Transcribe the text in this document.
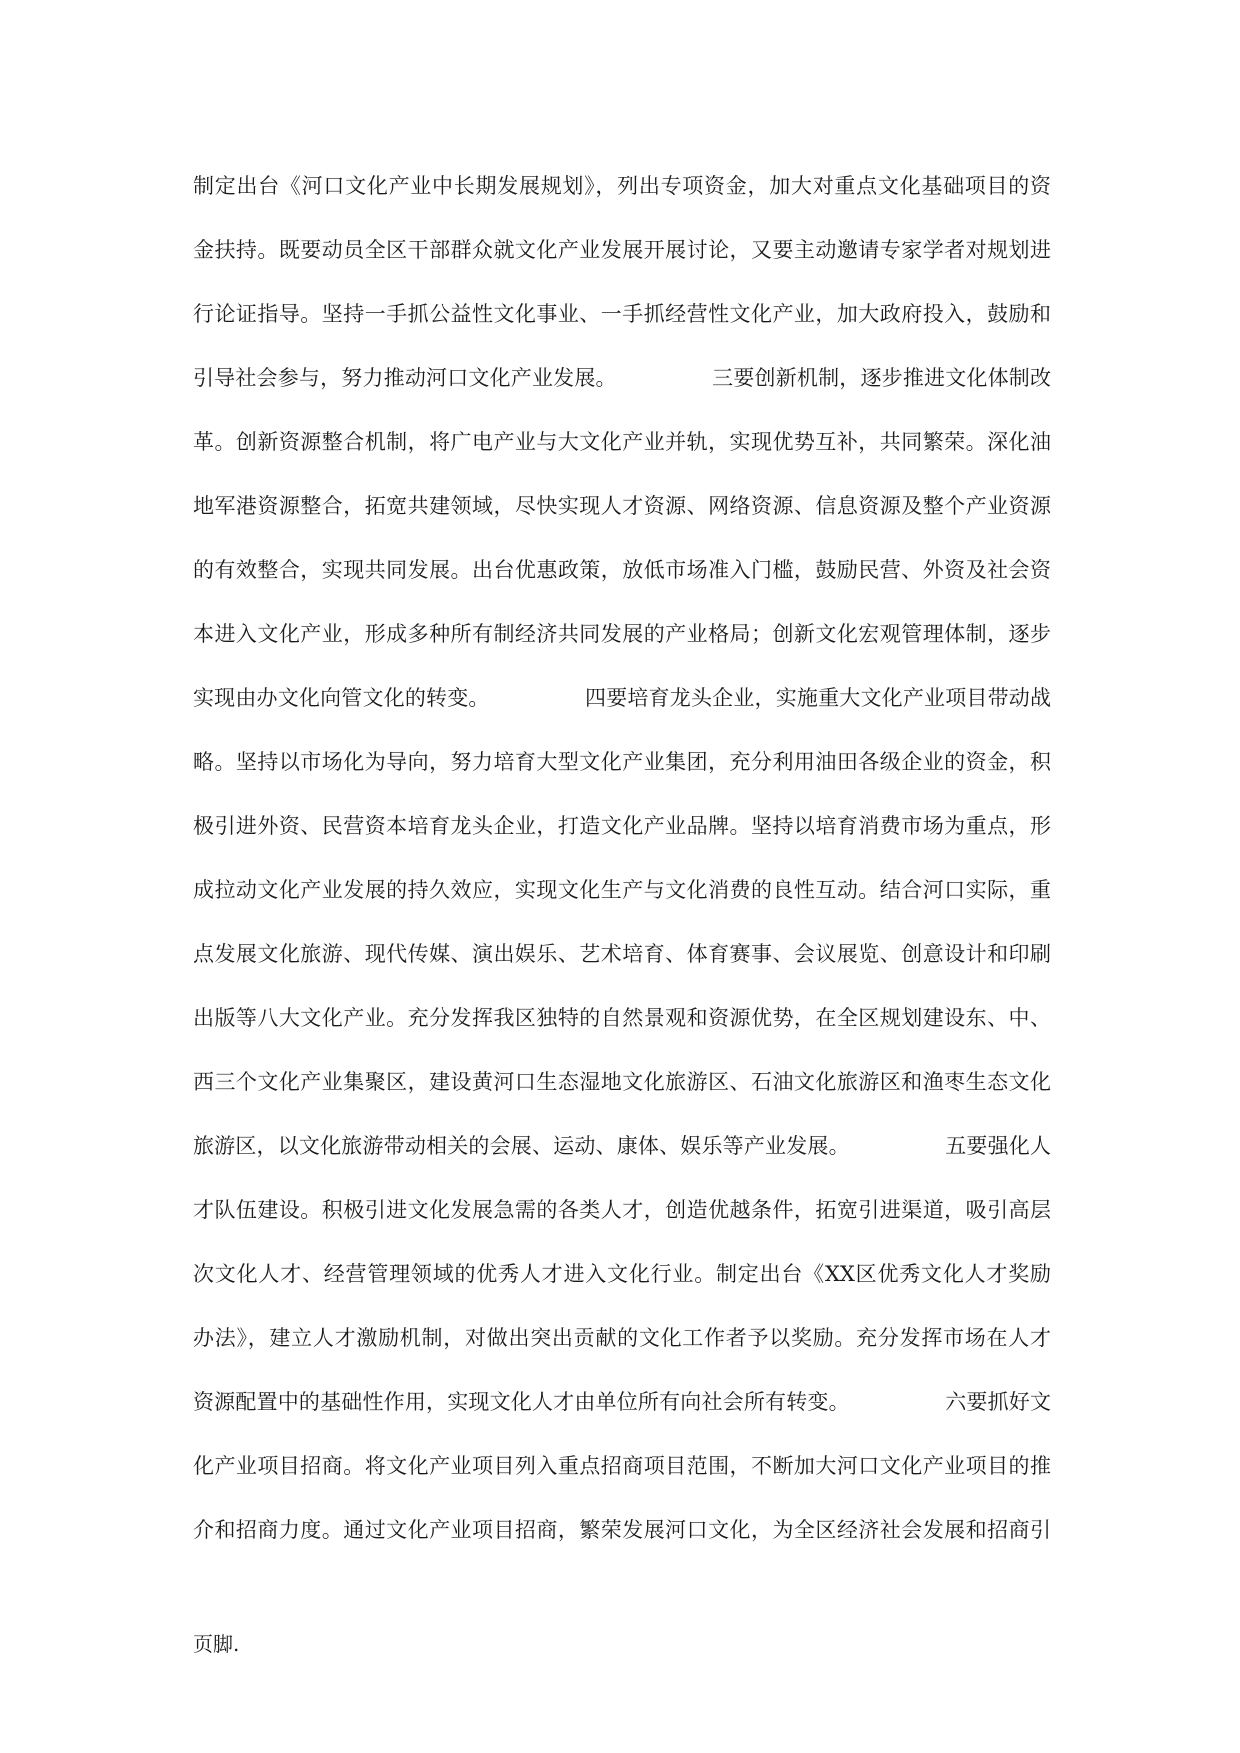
制定出台《河口文化产业中长期发展规划》，列出专项资金，加大对重点文化基础项目的资
金扶持。既要动员全区干部群众就文化产业发展开展讨论，又要主动邀请专家学者对规划进
行论证指导。坚持一手抓公益性文化事业、一手抓经营性文化产业，加大政府投入，鼓励和
引导社会参与，努力推动河口文化产业发展。　　　　　三要创新机制，逐步推进文化体制改
革。创新资源整合机制，将广电产业与大文化产业并轨，实现优势互补，共同繁荣。深化油
地军港资源整合，拓宽共建领域，尽快实现人才资源、网络资源、信息资源及整个产业资源
的有效整合，实现共同发展。出台优惠政策，放低市场准入门槛，鼓励民营、外资及社会资
本进入文化产业，形成多种所有制经济共同发展的产业格局；创新文化宏观管理体制，逐步
实现由办文化向管文化的转变。　　　　　四要培育龙头企业，实施重大文化产业项目带动战
略。坚持以市场化为导向，努力培育大型文化产业集团，充分利用油田各级企业的资金，积
极引进外资、民营资本培育龙头企业，打造文化产业品牌。坚持以培育消费市场为重点，形
成拉动文化产业发展的持久效应，实现文化生产与文化消费的良性互动。结合河口实际，重
点发展文化旅游、现代传媒、演出娱乐、艺术培育、体育赛事、会议展览、创意设计和印刷
出版等八大文化产业。充分发挥我区独特的自然景观和资源优势，在全区规划建设东、中、
西三个文化产业集聚区，建设黄河口生态湿地文化旅游区、石油文化旅游区和渔枣生态文化
旅游区，以文化旅游带动相关的会展、运动、康体、娱乐等产业发展。　　　　　五要强化人
才队伍建设。积极引进文化发展急需的各类人才，创造优越条件，拓宽引进渠道，吸引高层
次文化人才、经营管理领域的优秀人才进入文化行业。制定出台《XX区优秀文化人才奖励
办法》，建立人才激励机制，对做出突出贡献的文化工作者予以奖励。充分发挥市场在人才
资源配置中的基础性作用，实现文化人才由单位所有向社会所有转变。　　　　　六要抓好文
化产业项目招商。将文化产业项目列入重点招商项目范围，不断加大河口文化产业项目的推
介和招商力度。通过文化产业项目招商，繁荣发展河口文化，为全区经济社会发展和招商引
页脚.
